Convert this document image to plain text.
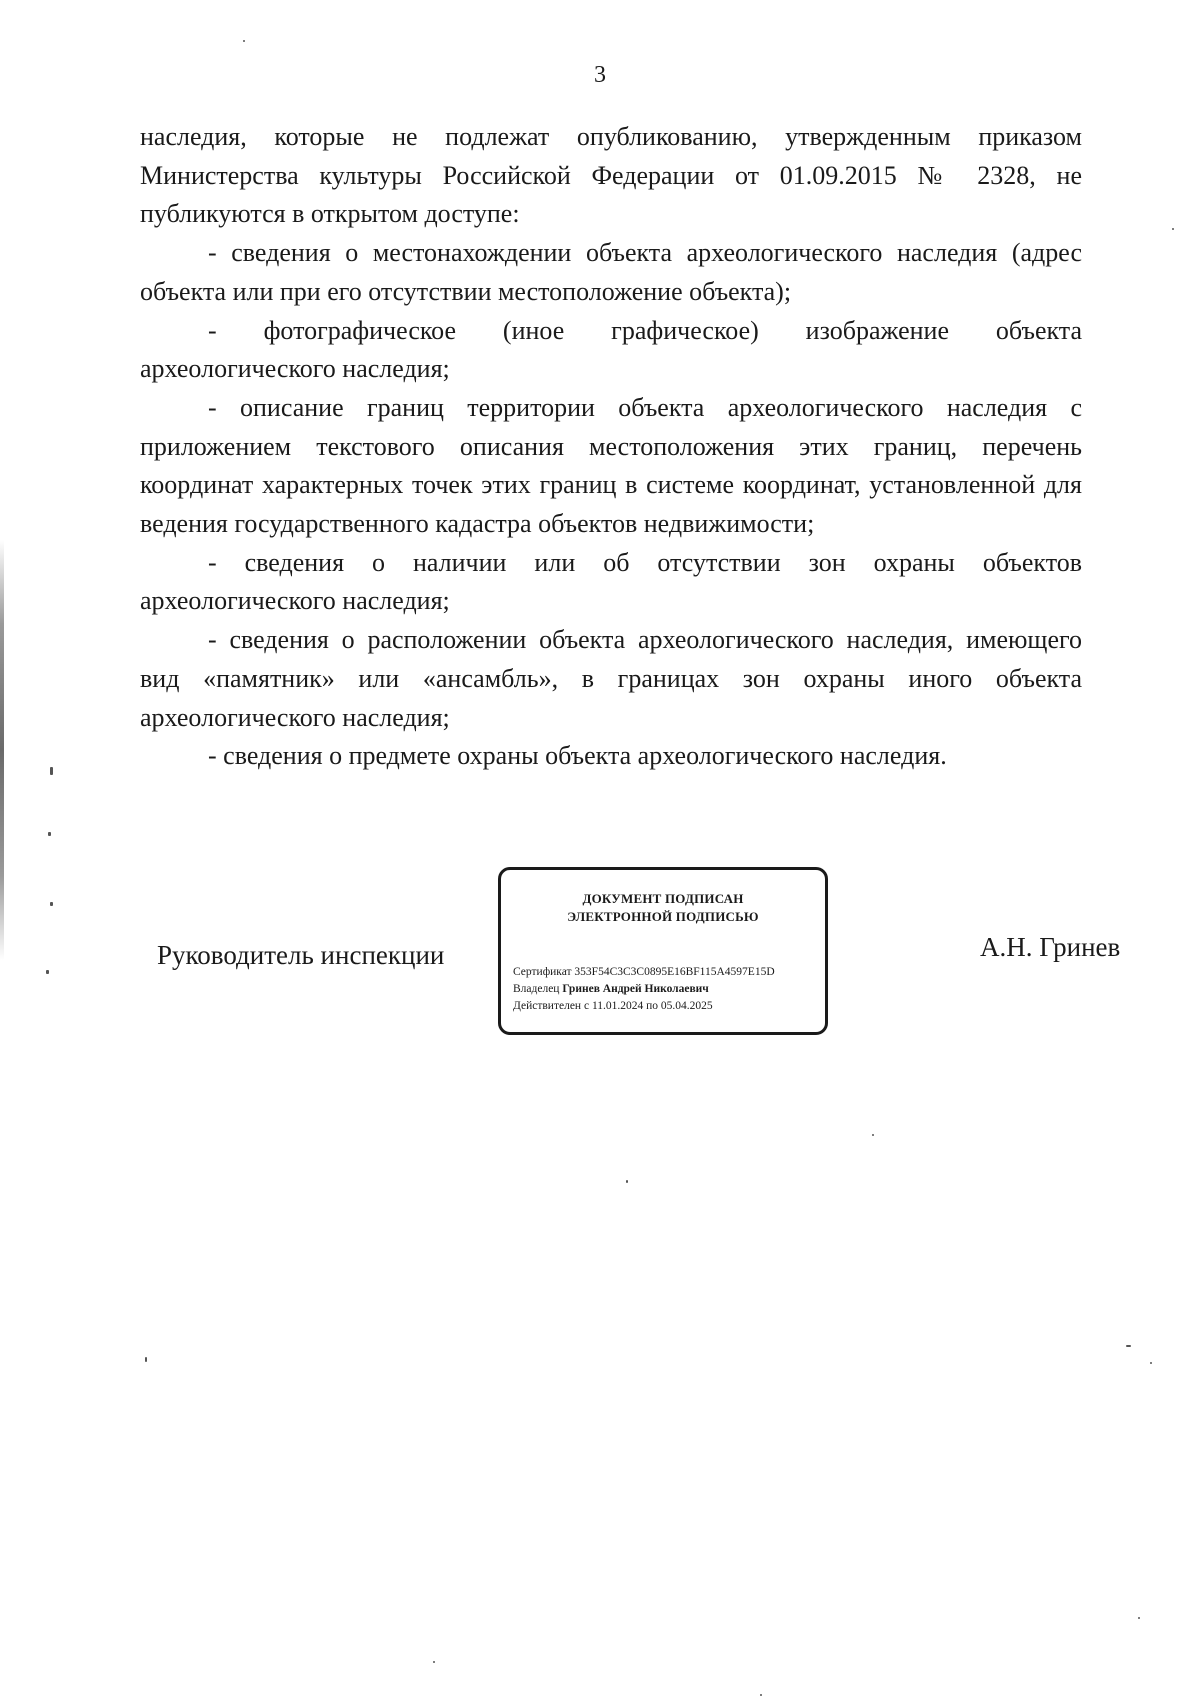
3

наследия, которые не подлежат опубликованию, утвержденным приказом Министерства культуры Российской Федерации от 01.09.2015 № 2328, не публикуются в открытом доступе:

- сведения о местонахождении объекта археологического наследия (адрес объекта или при его отсутствии местоположение объекта);

- фотографическое (иное графическое) изображение объекта археологического наследия;

- описание границ территории объекта археологического наследия с приложением текстового описания местоположения этих границ, перечень координат характерных точек этих границ в системе координат, установленной для ведения государственного кадастра объектов недвижимости;

- сведения о наличии или об отсутствии зон охраны объектов археологического наследия;

- сведения о расположении объекта археологического наследия, имеющего вид «памятник» или «ансамбль», в границах зон охраны иного объекта археологического наследия;

- сведения о предмете охраны объекта археологического наследия.

Руководитель инспекции
ДОКУМЕНТ ПОДПИСАН
ЭЛЕКТРОННОЙ ПОДПИСЬЮ
Сертификат 353F54C3C3C0895E16BF115A4597E15D
Владелец Гринев Андрей Николаевич
Действителен с 11.01.2024 по 05.04.2025
А.Н. Гринев
